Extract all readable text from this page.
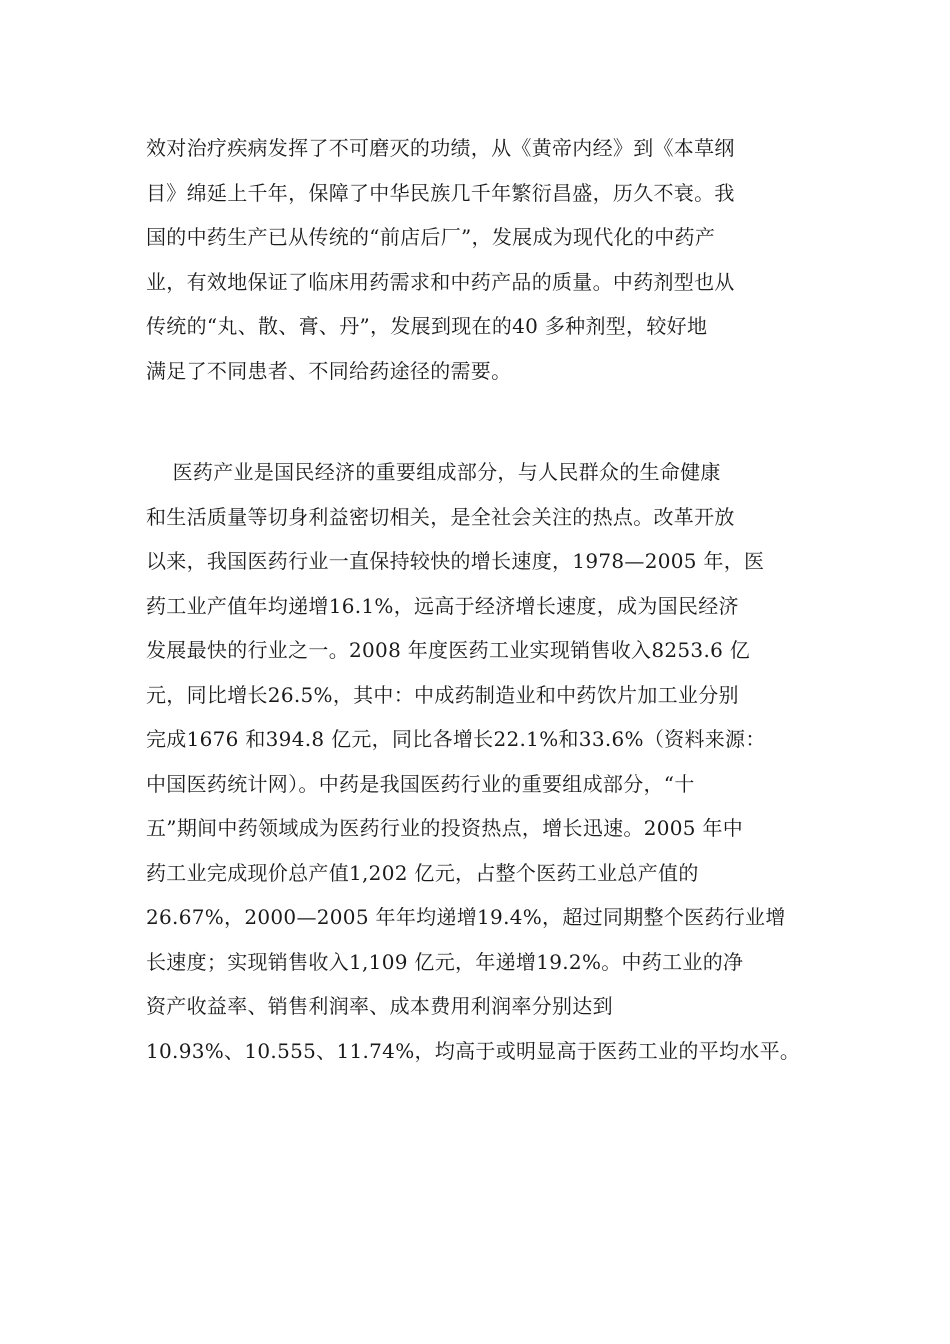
效对治疗疾病发挥了不可磨灭的功绩，从《黄帝内经》到《本草纲
目》绵延上千年，保障了中华民族几千年繁衍昌盛，历久不衰。我
国的中药生产已从传统的“前店后厂”，发展成为现代化的中药产
业，有效地保证了临床用药需求和中药产品的质量。中药剂型也从
传统的“丸、散、膏、丹”，发展到现在的40 多种剂型，较好地
满足了不同患者、不同给药途径的需要。
医药产业是国民经济的重要组成部分，与人民群众的生命健康
和生活质量等切身利益密切相关，是全社会关注的热点。改革开放
以来，我国医药行业一直保持较快的增长速度，1978—2005 年，医
药工业产值年均递增16.1%，远高于经济增长速度，成为国民经济
发展最快的行业之一。2008 年度医药工业实现销售收入8253.6 亿
元，同比增长26.5%，其中：中成药制造业和中药饮片加工业分别
完成1676 和394.8 亿元，同比各增长22.1%和33.6%（资料来源：
中国医药统计网）。中药是我国医药行业的重要组成部分，“十
五”期间中药领域成为医药行业的投资热点，增长迅速。2005 年中
药工业完成现价总产值1,202 亿元，占整个医药工业总产值的
26.67%，2000—2005 年年均递增19.4%，超过同期整个医药行业增
长速度；实现销售收入1,109 亿元，年递增19.2%。中药工业的净
资产收益率、销售利润率、成本费用利润率分别达到
10.93%、10.555、11.74%，均高于或明显高于医药工业的平均水平。
